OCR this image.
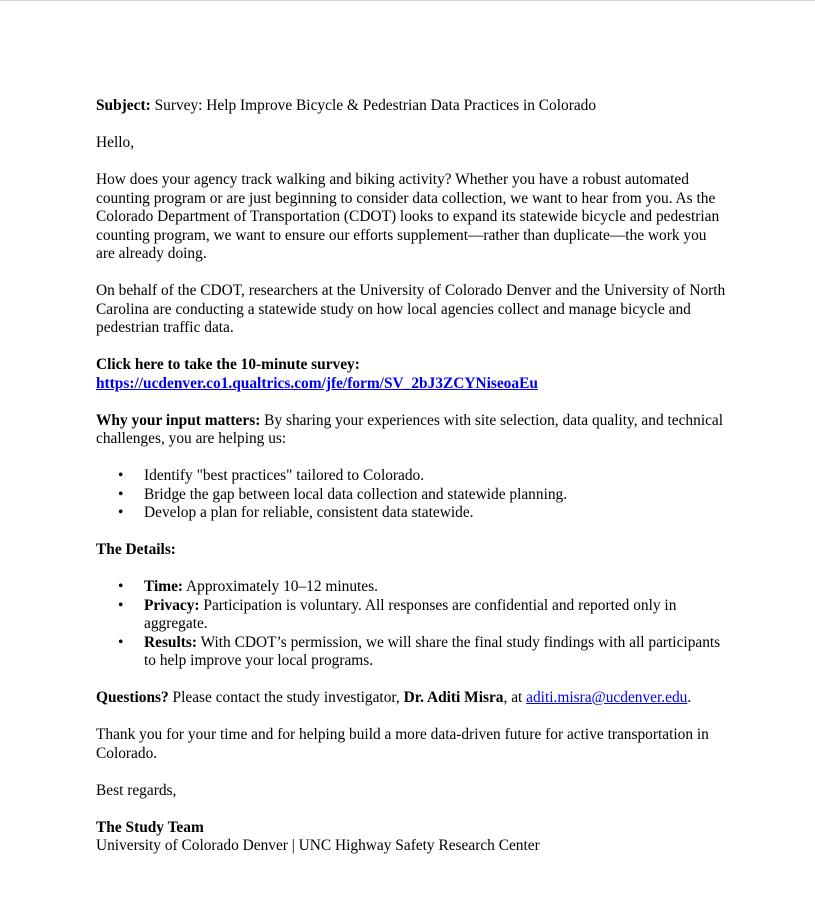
Subject: Survey: Help Improve Bicycle & Pedestrian Data Practices in Colorado

Hello,

How does your agency track walking and biking activity? Whether you have a robust automated counting program or are just beginning to consider data collection, we want to hear from you. As the Colorado Department of Transportation (CDOT) looks to expand its statewide bicycle and pedestrian counting program, we want to ensure our efforts supplement—rather than duplicate—the work you are already doing.

On behalf of the CDOT, researchers at the University of Colorado Denver and the University of North Carolina are conducting a statewide study on how local agencies collect and manage bicycle and pedestrian traffic data.

Click here to take the 10-minute survey:
https://ucdenver.co1.qualtrics.com/jfe/form/SV_2bJ3ZCYNiseoaEu

Why your input matters: By sharing your experiences with site selection, data quality, and technical challenges, you are helping us:

• Identify "best practices" tailored to Colorado.
• Bridge the gap between local data collection and statewide planning.
• Develop a plan for reliable, consistent data statewide.

The Details:

• Time: Approximately 10–12 minutes.
• Privacy: Participation is voluntary. All responses are confidential and reported only in aggregate.
• Results: With CDOT’s permission, we will share the final study findings with all participants to help improve your local programs.

Questions? Please contact the study investigator, Dr. Aditi Misra, at aditi.misra@ucdenver.edu.

Thank you for your time and for helping build a more data-driven future for active transportation in Colorado.

Best regards,

The Study Team
University of Colorado Denver | UNC Highway Safety Research Center
